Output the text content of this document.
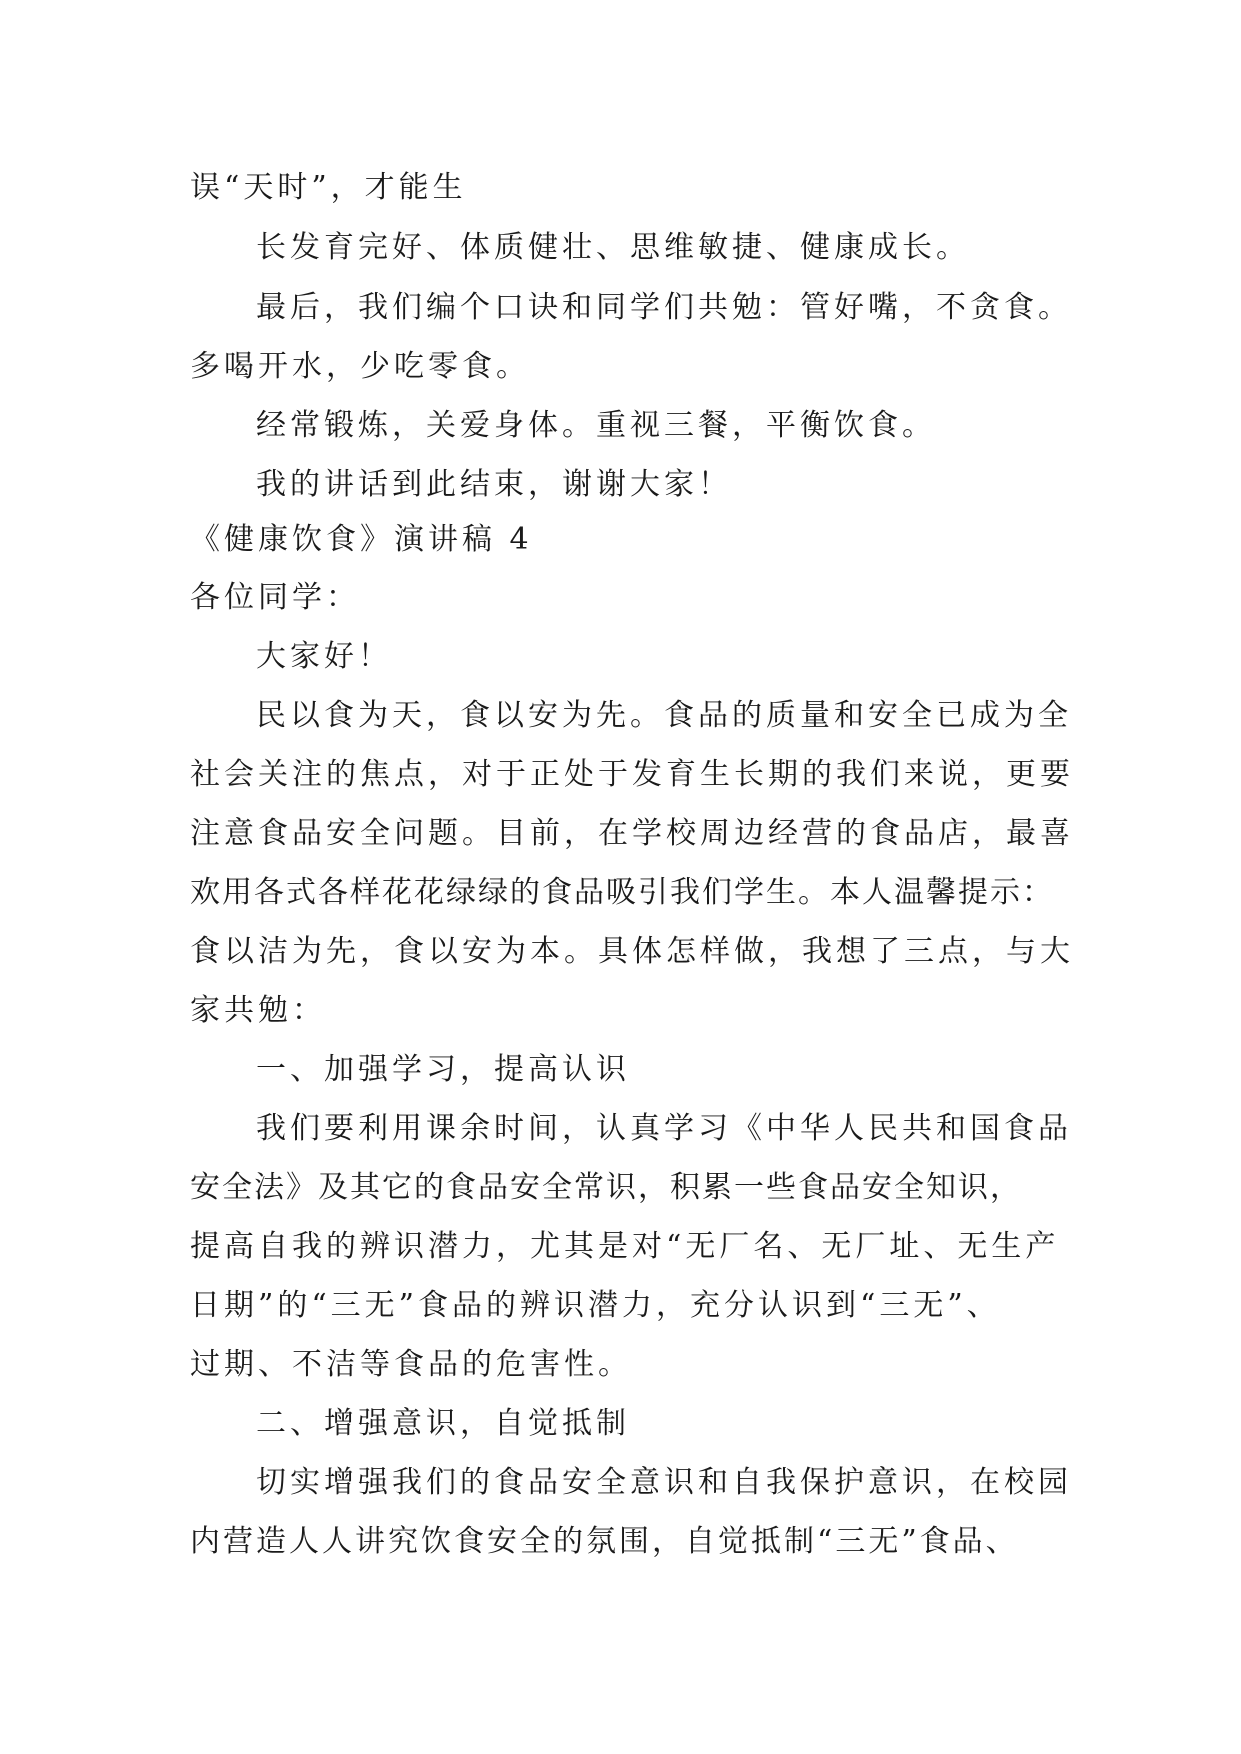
误“天时”，才能生

长发育完好、体质健壮、思维敏捷、健康成长。

最后，我们编个口诀和同学们共勉：管好嘴，不贪食。

多喝开水，少吃零食。

经常锻炼，关爱身体。重视三餐，平衡饮食。

我的讲话到此结束，谢谢大家！

《健康饮食》演讲稿 4

各位同学：

大家好！

民以食为天，食以安为先。食品的质量和安全已成为全

社会关注的焦点，对于正处于发育生长期的我们来说，更要

注意食品安全问题。目前，在学校周边经营的食品店，最喜

欢用各式各样花花绿绿的食品吸引我们学生。本人温馨提示：

食以洁为先，食以安为本。具体怎样做，我想了三点，与大

家共勉：

一、加强学习，提高认识

我们要利用课余时间，认真学习《中华人民共和国食品

安全法》及其它的食品安全常识，积累一些食品安全知识，

提高自我的辨识潜力，尤其是对“无厂名、无厂址、无生产

日期”的“三无”食品的辨识潜力，充分认识到“三无”、

过期、不洁等食品的危害性。

二、增强意识，自觉抵制

切实增强我们的食品安全意识和自我保护意识，在校园

内营造人人讲究饮食安全的氛围，自觉抵制“三无”食品、
